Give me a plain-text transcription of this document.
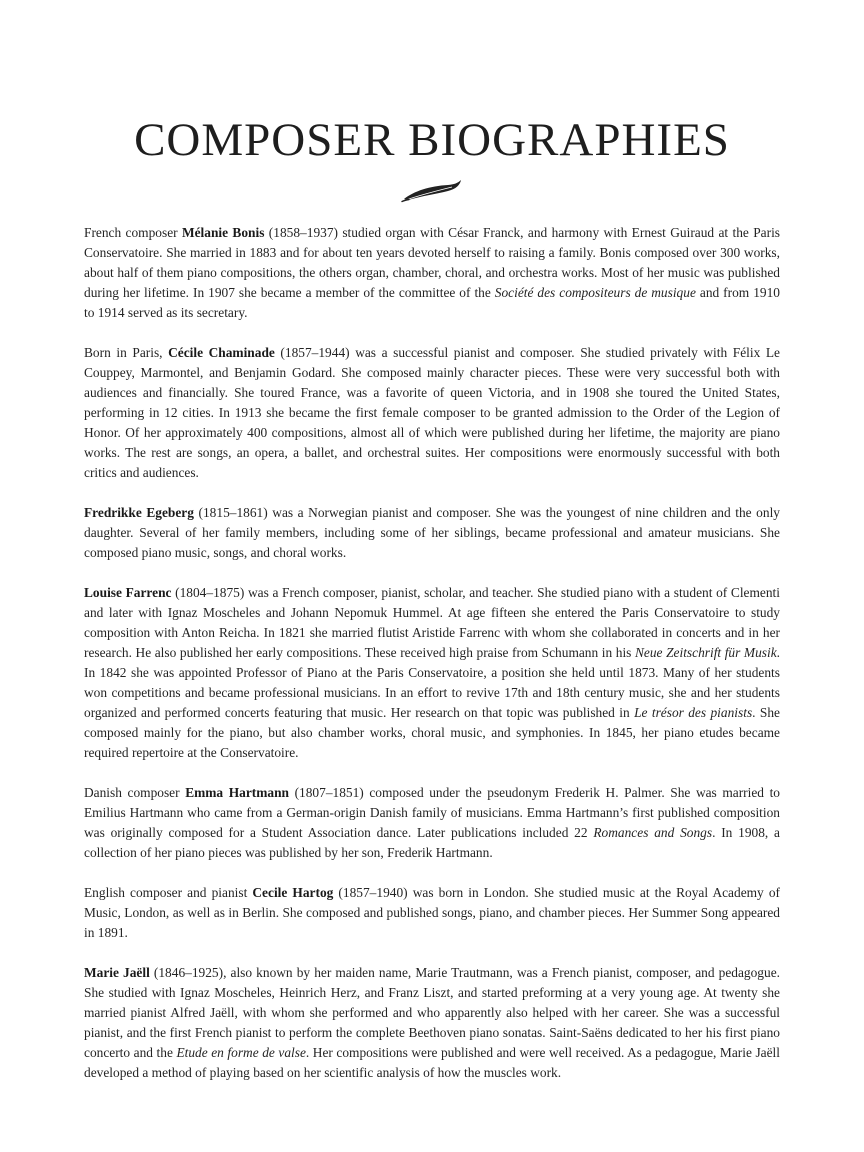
COMPOSER BIOGRAPHIES

French composer Mélanie Bonis (1858–1937) studied organ with César Franck, and harmony with Ernest Guiraud at the Paris Conservatoire. She married in 1883 and for about ten years devoted herself to raising a family. Bonis composed over 300 works, about half of them piano compositions, the others organ, chamber, choral, and orchestra works. Most of her music was published during her lifetime. In 1907 she became a member of the committee of the Société des compositeurs de musique and from 1910 to 1914 served as its secretary.

Born in Paris, Cécile Chaminade (1857–1944) was a successful pianist and composer. She studied privately with Félix Le Couppey, Marmontel, and Benjamin Godard. She composed mainly character pieces. These were very successful both with audiences and financially. She toured France, was a favorite of queen Victoria, and in 1908 she toured the United States, performing in 12 cities. In 1913 she became the first female composer to be granted admission to the Order of the Legion of Honor. Of her approximately 400 compositions, almost all of which were published during her lifetime, the majority are piano works. The rest are songs, an opera, a ballet, and orchestral suites. Her compositions were enormously successful with both critics and audiences.

Fredrikke Egeberg (1815–1861) was a Norwegian pianist and composer. She was the youngest of nine children and the only daughter. Several of her family members, including some of her siblings, became professional and amateur musicians. She composed piano music, songs, and choral works.

Louise Farrenc (1804–1875) was a French composer, pianist, scholar, and teacher. She studied piano with a student of Clementi and later with Ignaz Moscheles and Johann Nepomuk Hummel. At age fifteen she entered the Paris Conservatoire to study composition with Anton Reicha. In 1821 she married flutist Aristide Farrenc with whom she collaborated in concerts and in her research. He also published her early compositions. These received high praise from Schumann in his Neue Zeitschrift für Musik. In 1842 she was appointed Professor of Piano at the Paris Conservatoire, a position she held until 1873. Many of her students won competitions and became professional musicians. In an effort to revive 17th and 18th century music, she and her students organized and performed concerts featuring that music. Her research on that topic was published in Le trésor des pianists. She composed mainly for the piano, but also chamber works, choral music, and symphonies. In 1845, her piano etudes became required repertoire at the Conservatoire.

Danish composer Emma Hartmann (1807–1851) composed under the pseudonym Frederik H. Palmer. She was married to Emilius Hartmann who came from a German-origin Danish family of musicians. Emma Hartmann’s first published composition was originally composed for a Student Association dance. Later publications included 22 Romances and Songs. In 1908, a collection of her piano pieces was published by her son, Frederik Hartmann.

English composer and pianist Cecile Hartog (1857–1940) was born in London. She studied music at the Royal Academy of Music, London, as well as in Berlin. She composed and published songs, piano, and chamber pieces. Her Summer Song appeared in 1891.

Marie Jaëll (1846–1925), also known by her maiden name, Marie Trautmann, was a French pianist, composer, and pedagogue. She studied with Ignaz Moscheles, Heinrich Herz, and Franz Liszt, and started preforming at a very young age. At twenty she married pianist Alfred Jaëll, with whom she performed and who apparently also helped with her career. She was a successful pianist, and the first French pianist to perform the complete Beethoven piano sonatas. Saint-Saëns dedicated to her his first piano concerto and the Etude en forme de valse. Her compositions were published and were well received. As a pedagogue, Marie Jaëll developed a method of playing based on her scientific analysis of how the muscles work.
